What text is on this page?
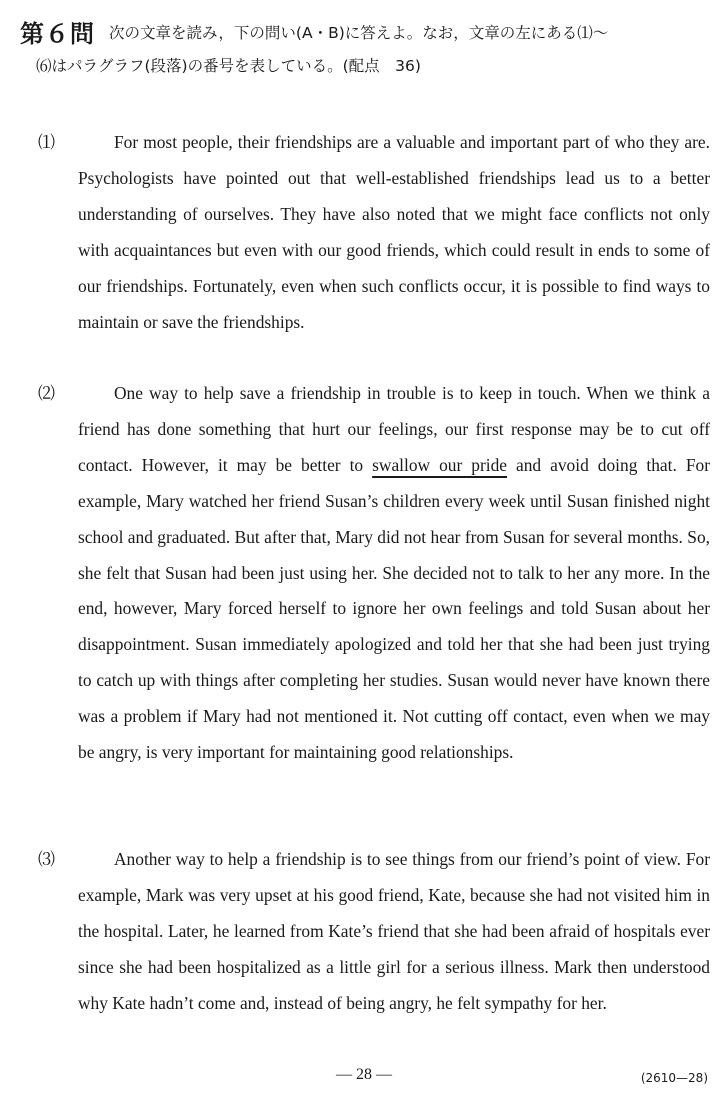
第６問 次の文章を読み，下の問い(A・B)に答えよ。なお，文章の左にある⑴～
⑹はパラグラフ(段落)の番号を表している。(配点　36)
⑴	For most people, their friendships are a valuable and important part of who they are. Psychologists have pointed out that well-established friendships lead us to a better understanding of ourselves. They have also noted that we might face conflicts not only with acquaintances but even with our good friends, which could result in ends to some of our friendships. Fortunately, even when such conflicts occur, it is possible to find ways to maintain or save the friendships.

⑵	One way to help save a friendship in trouble is to keep in touch. When we think a friend has done something that hurt our feelings, our first response may be to cut off contact. However, it may be better to swallow our pride and avoid doing that. For example, Mary watched her friend Susan’s children every week until Susan finished night school and graduated. But after that, Mary did not hear from Susan for several months. So, she felt that Susan had been just using her. She decided not to talk to her any more. In the end, however, Mary forced herself to ignore her own feelings and told Susan about her disappointment. Susan immediately apologized and told her that she had been just trying to catch up with things after completing her studies. Susan would never have known there was a problem if Mary had not mentioned it. Not cutting off contact, even when we may be angry, is very important for maintaining good relationships.

⑶	Another way to help a friendship is to see things from our friend’s point of view. For example, Mark was very upset at his good friend, Kate, because she had not visited him in the hospital. Later, he learned from Kate’s friend that she had been afraid of hospitals ever since she had been hospitalized as a little girl for a serious illness. Mark then understood why Kate hadn’t come and, instead of being angry, he felt sympathy for her.

— 28 —	(2610—28)
